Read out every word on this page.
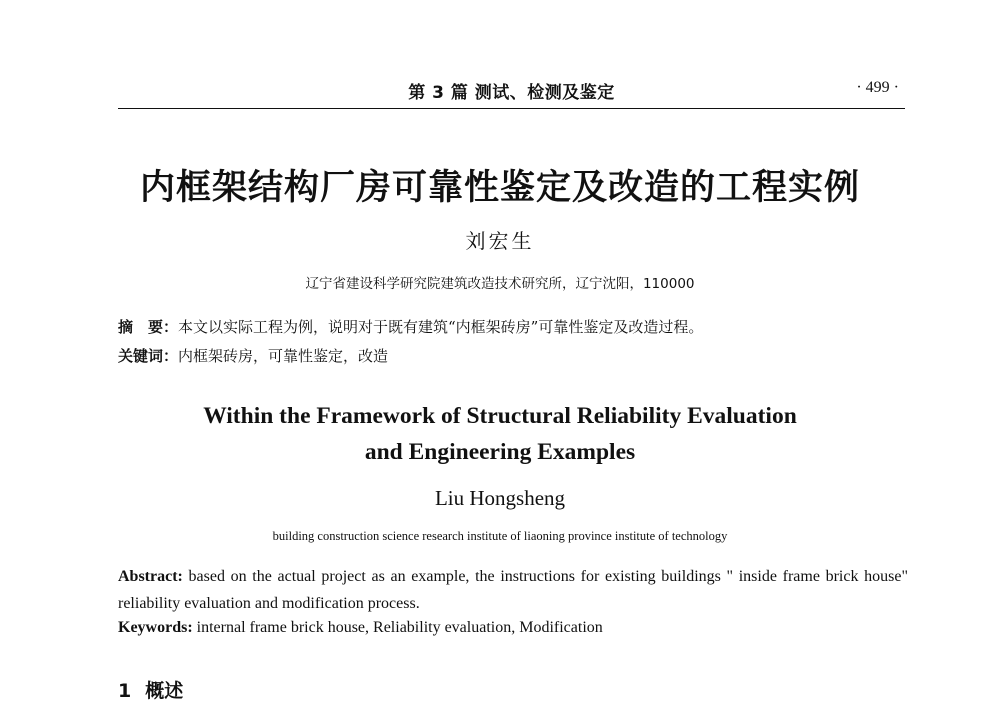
第 3 篇 测试、检测及鉴定	· 499 ·
内框架结构厂房可靠性鉴定及改造的工程实例
刘宏生
辽宁省建设科学研究院建筑改造技术研究所，辽宁沈阳，110000
摘　要：本文以实际工程为例，说明对于既有建筑“内框架砖房”可靠性鉴定及改造过程。
关键词：内框架砖房，可靠性鉴定，改造
Within the Framework of Structural Reliability Evaluation
and Engineering Examples
Liu Hongsheng
building construction science research institute of liaoning province institute of technology
Abstract: based on the actual project as an example, the instructions for existing buildings " inside frame brick house" reliability evaluation and modification process.
Keywords: internal frame brick house, Reliability evaluation, Modification
1 概述
